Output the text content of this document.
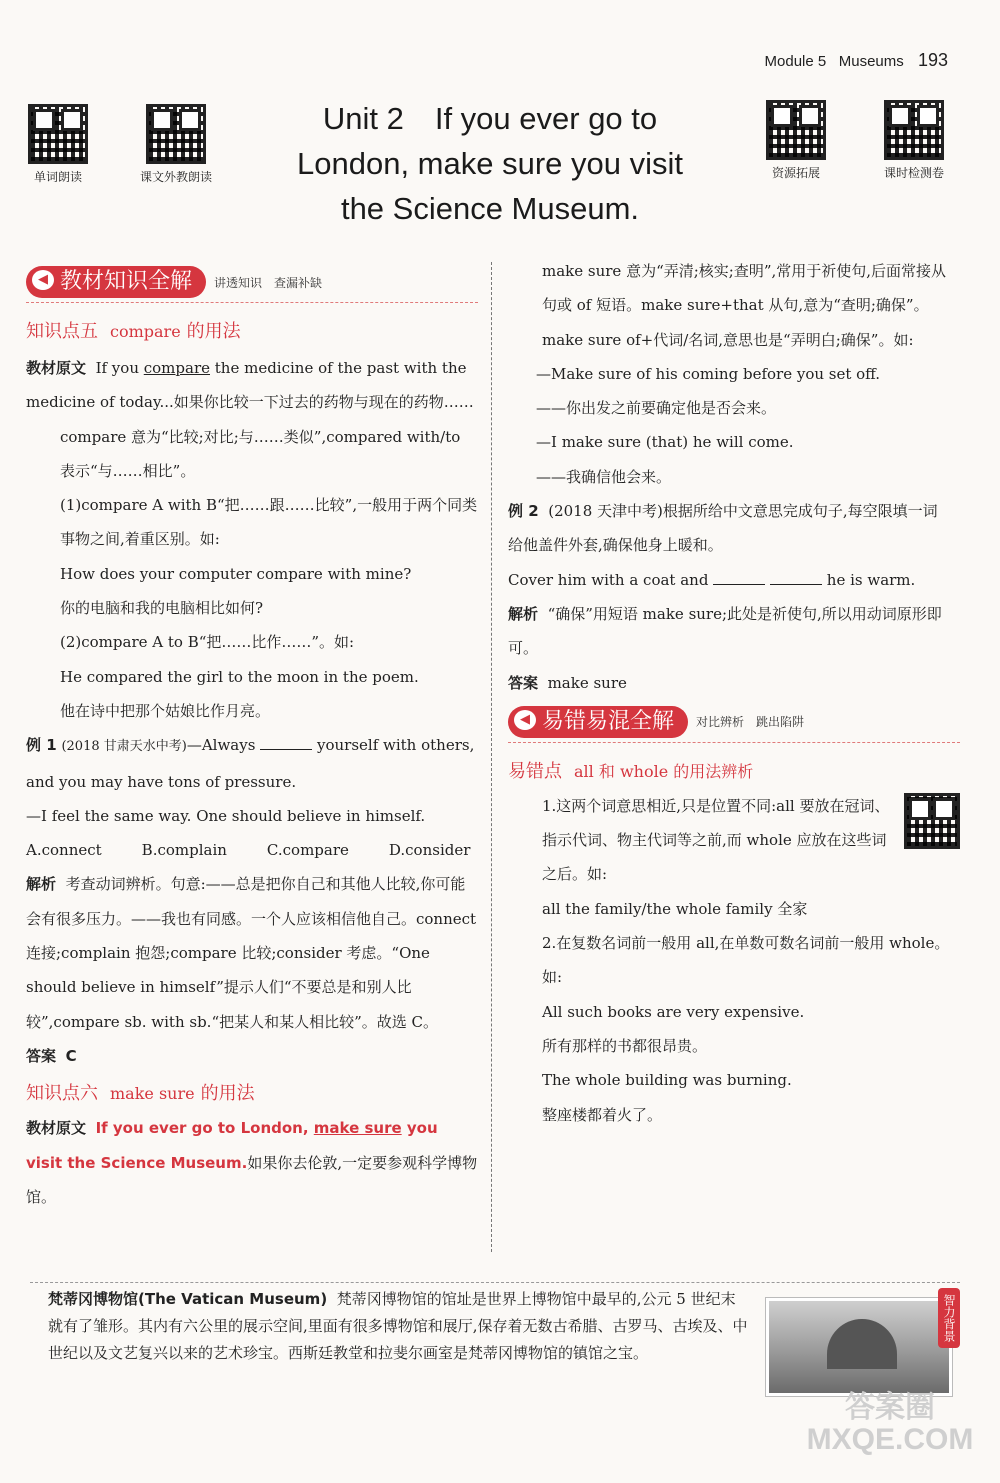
Module 5 Museums 193
单词朗读	课文外教朗读	资源拓展	课时检测卷
Unit 2　If you ever go to
London, make sure you visit
the Science Museum.
◀ 教材知识全解	讲透知识　查漏补缺
知识点五 compare 的用法
教材原文 If you compare the medicine of the past with the medicine of today...如果你比较一下过去的药物与现在的药物……
compare 意为“比较;对比;与……类似”,compared with/to 表示“与……相比”。
(1)compare A with B“把……跟……比较”,一般用于两个同类事物之间,着重区别。如:
How does your computer compare with mine?
你的电脑和我的电脑相比如何?
(2)compare A to B“把……比作……”。如:
He compared the girl to the moon in the poem.
他在诗中把那个姑娘比作月亮。
例 1 (2018 甘肃天水中考)—Always	yourself with others, and you may have tons of pressure.
—I feel the same way. One should believe in himself.
A.connect	B.complain	C.compare	D.consider
解析 考查动词辨析。句意:——总是把你自己和其他人比较,你可能会有很多压力。——我也有同感。一个人应该相信他自己。connect 连接;complain 抱怨;compare 比较;consider 考虑。“One should believe in himself”提示人们“不要总是和别人比较”,compare sb. with sb.“把某人和某人相比较”。故选 C。
答案 C
知识点六 make sure 的用法
教材原文 If you ever go to London, make sure you visit the Science Museum.如果你去伦敦,一定要参观科学博物馆。
make sure 意为“弄清;核实;查明”,常用于祈使句,后面常接从句或 of 短语。make sure+that 从句,意为“查明;确保”。make sure of+代词/名词,意思也是“弄明白;确保”。如:
—Make sure of his coming before you set off.
——你出发之前要确定他是否会来。
—I make sure (that) he will come.
——我确信他会来。
例 2 (2018 天津中考)根据所给中文意思完成句子,每空限填一词
给他盖件外套,确保他身上暖和。
Cover him with a coat and	he is warm.
解析 “确保”用短语 make sure;此处是祈使句,所以用动词原形即可。
答案 make sure
◀ 易错易混全解	对比辨析　跳出陷阱
易错点 all 和 whole 的用法辨析
1.这两个词意思相近,只是位置不同:all 要放在冠词、指示代词、物主代词等之前,而 whole 应放在这些词之后。如:
all the family/the whole family 全家
2.在复数名词前一般用 all,在单数可数名词前一般用 whole。如:
All such books are very expensive.
所有那样的书都很昂贵。
The whole building was burning.
整座楼都着火了。
梵蒂冈博物馆(The Vatican Museum) 梵蒂冈博物馆的馆址是世界上博物馆中最早的,公元 5 世纪末就有了雏形。其内有六公里的展示空间,里面有很多博物馆和展厅,保存着无数古希腊、古罗马、古埃及、中世纪以及文艺复兴以来的艺术珍宝。西斯廷教堂和拉斐尔画室是梵蒂冈博物馆的镇馆之宝。
智力背景
答案圈
MXQE.COM
